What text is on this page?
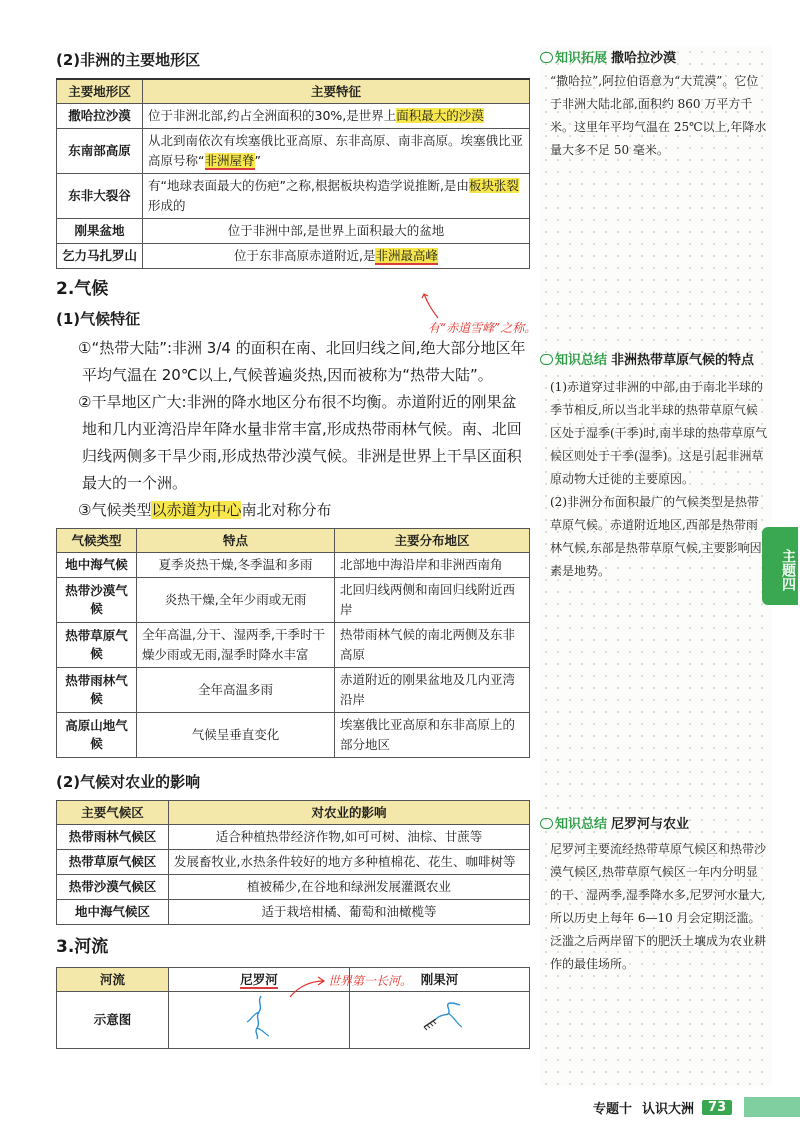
(2)非洲的主要地形区
主要地形区	主要特征
撒哈拉沙漠	位于非洲北部,约占全洲面积的30%,是世界上面积最大的沙漠
东南部高原	从北到南依次有埃塞俄比亚高原、东非高原、南非高原。埃塞俄比亚高原号称“非洲屋脊”
东非大裂谷	有“地球表面最大的伤疤”之称,根据板块构造学说推断,是由板块张裂形成的
刚果盆地	位于非洲中部,是世界上面积最大的盆地
乞力马扎罗山	位于东非高原赤道附近,是非洲最高峰
2.气候
(1)气候特征

①“热带大陆”:非洲 3/4 的面积在南、北回归线之间,绝大部分地区年平均气温在 20℃以上,气候普遍炎热,因而被称为“热带大陆”。

②干旱地区广大:非洲的降水地区分布很不均衡。赤道附近的刚果盆地和几内亚湾沿岸年降水量非常丰富,形成热带雨林气候。南、北回归线两侧多干旱少雨,形成热带沙漠气候。非洲是世界上干旱区面积最大的一个洲。

③气候类型以赤道为中心南北对称分布

气候类型	特点	主要分布地区
地中海气候	夏季炎热干燥,冬季温和多雨	北部地中海沿岸和非洲西南角
热带沙漠气候	炎热干燥,全年少雨或无雨	北回归线两侧和南回归线附近西岸
热带草原气候	全年高温,分干、湿两季,干季时干燥少雨或无雨,湿季时降水丰富	热带雨林气候的南北两侧及东非高原
热带雨林气候	全年高温多雨	赤道附近的刚果盆地及几内亚湾沿岸
高原山地气候	气候呈垂直变化	埃塞俄比亚高原和东非高原上的部分地区
(2)气候对农业的影响
主要气候区	对农业的影响
热带雨林气候区	适合种植热带经济作物,如可可树、油棕、甘蔗等
热带草原气候区	发展畜牧业,水热条件较好的地方多种植棉花、花生、咖啡树等
热带沙漠气候区	植被稀少,在谷地和绿洲发展灌溉农业
地中海气候区	适于栽培柑橘、葡萄和油橄榄等
3.河流
河流	尼罗河	刚果河
示意图		
有“赤道雪峰”之称。
世界第一长河。
知识拓展 撒哈拉沙漠

“撒哈拉”,阿拉伯语意为“大荒漠”。它位于非洲大陆北部,面积约 860 万平方千米。这里年平均气温在 25℃以上,年降水量大多不足 50 毫米。

知识总结 非洲热带草原气候的特点

(1)赤道穿过非洲的中部,由于南北半球的季节相反,所以当北半球的热带草原气候区处于湿季(干季)时,南半球的热带草原气候区则处于干季(湿季)。这是引起非洲草原动物大迁徙的主要原因。

(2)非洲分布面积最广的气候类型是热带草原气候。赤道附近地区,西部是热带雨林气候,东部是热带草原气候,主要影响因素是地势。

知识总结 尼罗河与农业

尼罗河主要流经热带草原气候区和热带沙漠气候区,热带草原气候区一年内分明显的干、湿两季,湿季降水多,尼罗河水量大,所以历史上每年 6—10 月会定期泛滥。泛滥之后两岸留下的肥沃土壤成为农业耕作的最佳场所。

主题四
专题十 认识大洲	73
